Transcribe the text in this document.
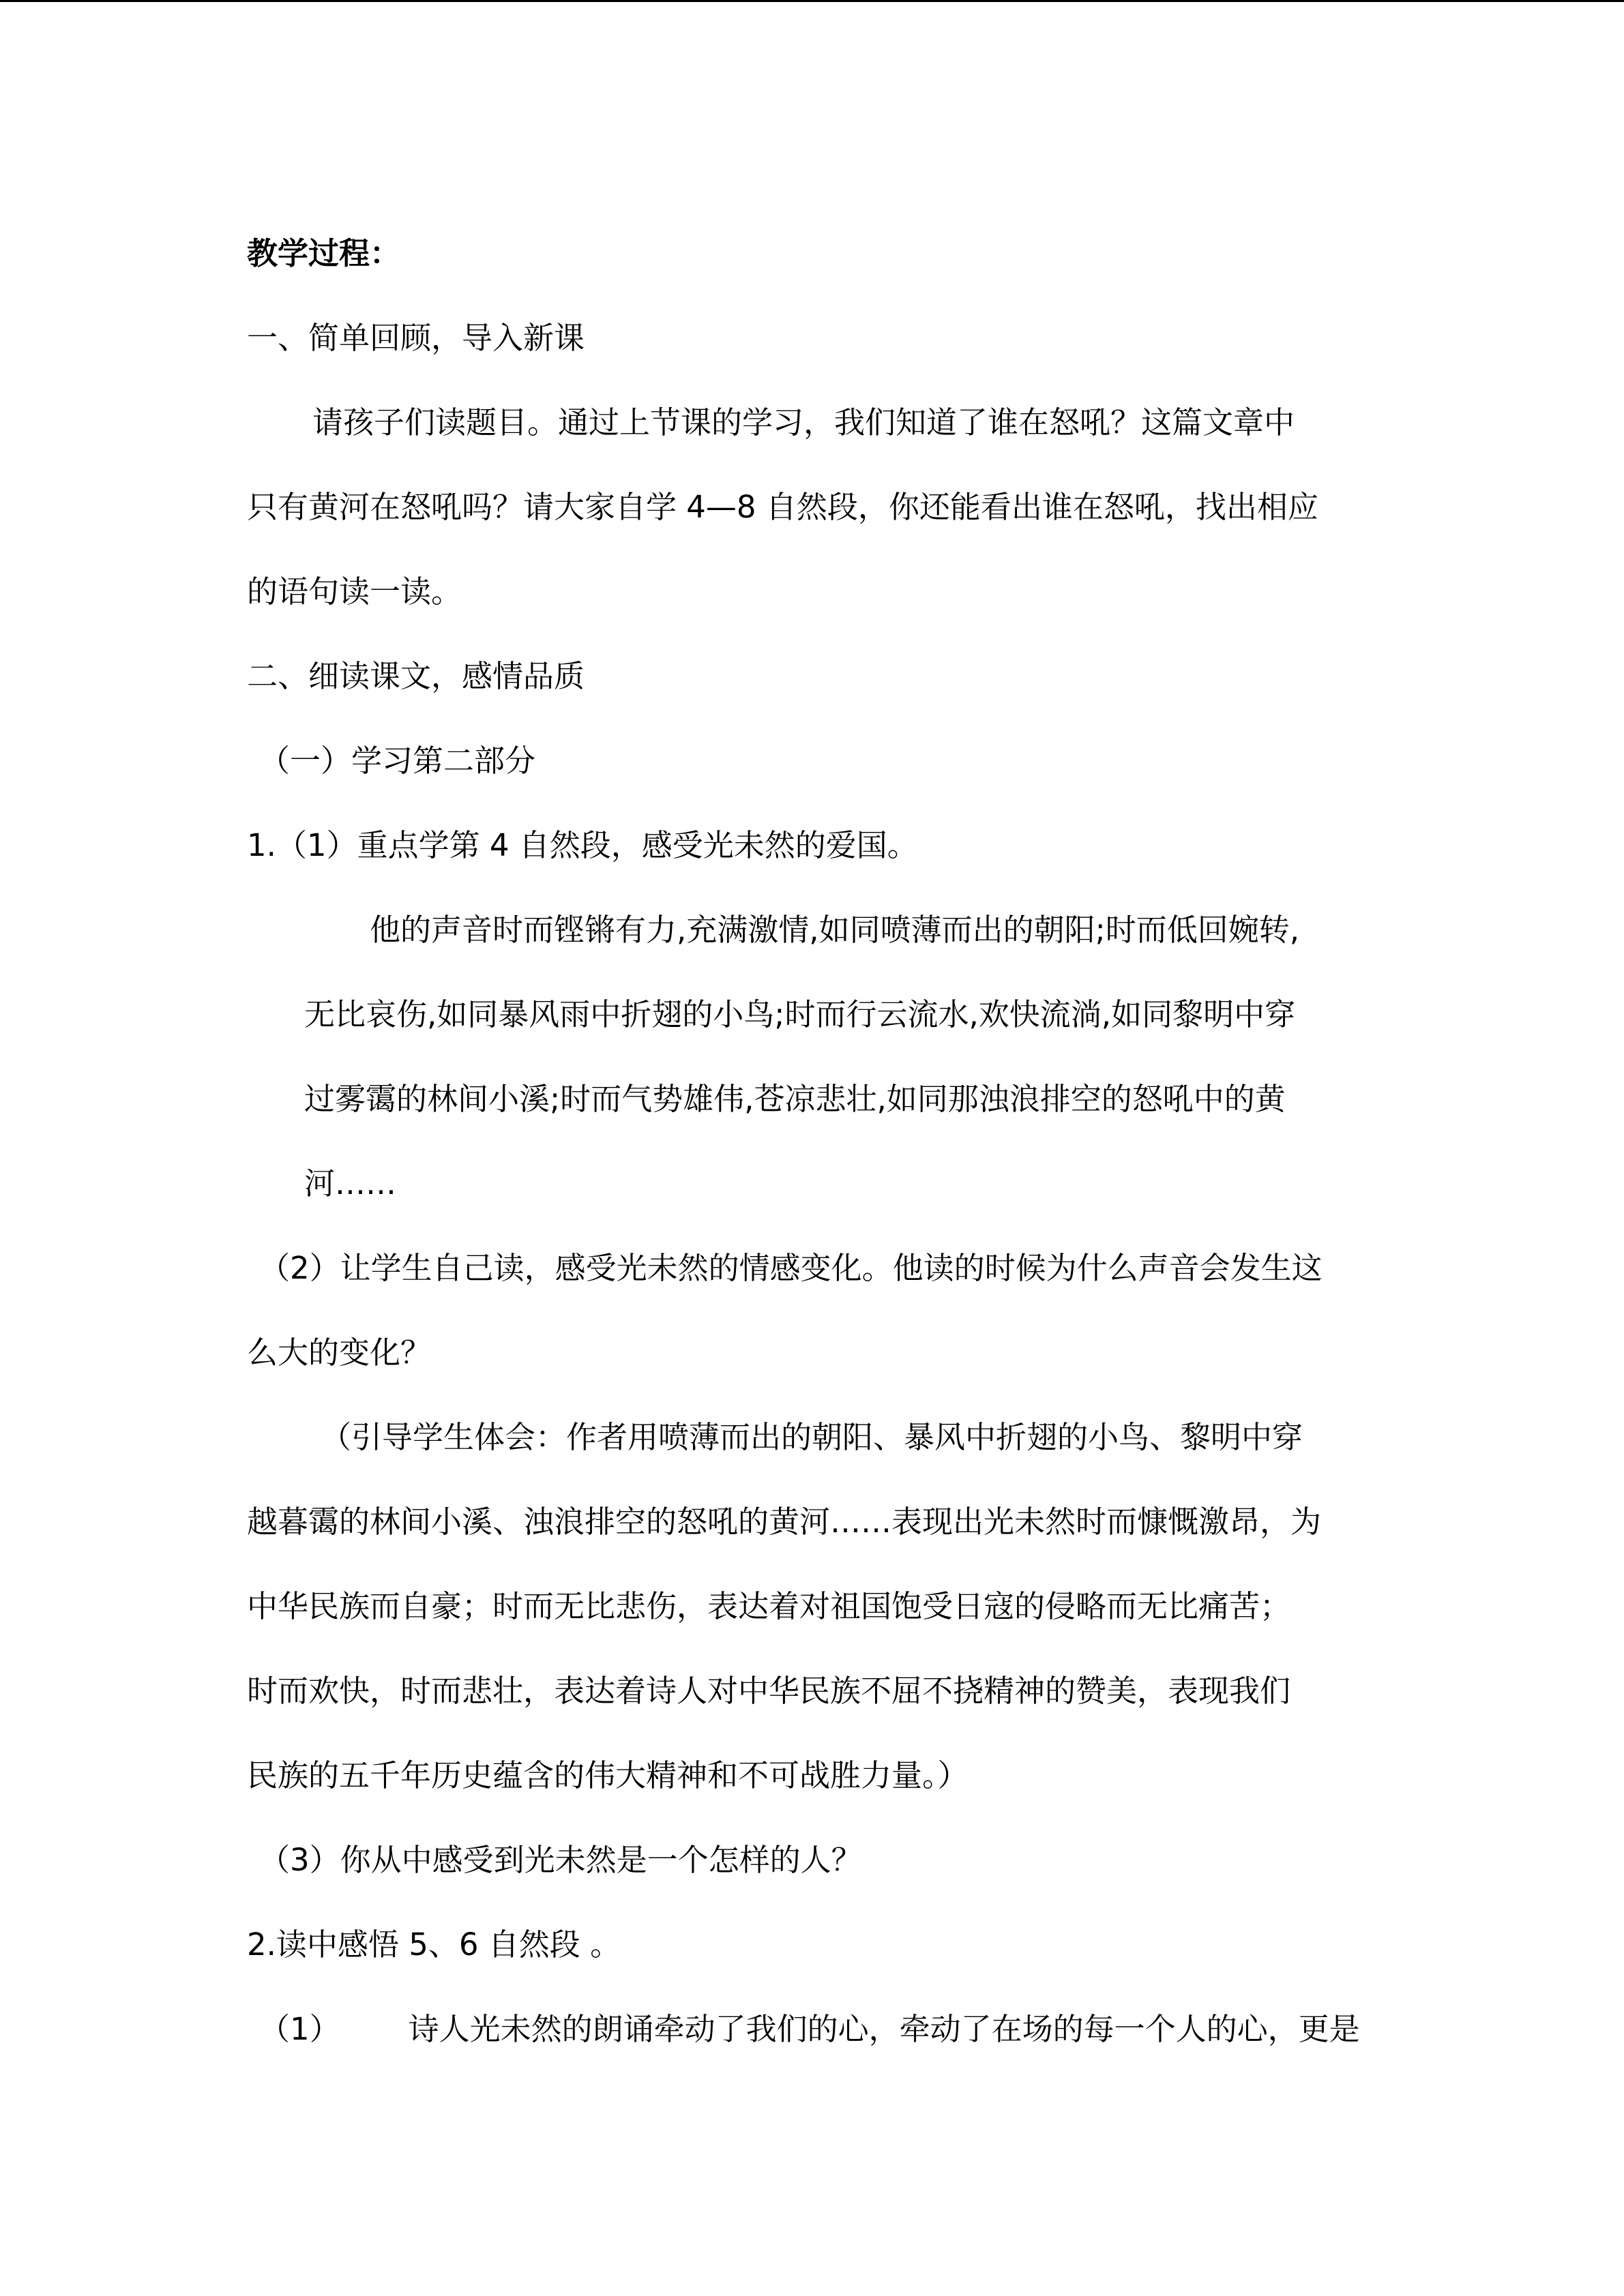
教学过程：
一、简单回顾，导入新课
请孩子们读题目。通过上节课的学习，我们知道了谁在怒吼？这篇文章中
只有黄河在怒吼吗？请大家自学 4—8 自然段，你还能看出谁在怒吼，找出相应
的语句读一读。
二、细读课文，感情品质
（一）学习第二部分
1.（1）重点学第 4 自然段，感受光未然的爱国。
他的声音时而铿锵有力,充满激情,如同喷薄而出的朝阳;时而低回婉转,
无比哀伤,如同暴风雨中折翅的小鸟;时而行云流水,欢快流淌,如同黎明中穿
过雾霭的林间小溪;时而气势雄伟,苍凉悲壮,如同那浊浪排空的怒吼中的黄
河……
（2）让学生自己读，感受光未然的情感变化。他读的时候为什么声音会发生这
么大的变化？
（引导学生体会：作者用喷薄而出的朝阳、暴风中折翅的小鸟、黎明中穿
越暮霭的林间小溪、浊浪排空的怒吼的黄河……表现出光未然时而慷慨激昂，为
中华民族而自豪；时而无比悲伤，表达着对祖国饱受日寇的侵略而无比痛苦；
时而欢快，时而悲壮，表达着诗人对中华民族不屈不挠精神的赞美，表现我们
民族的五千年历史蕴含的伟大精神和不可战胜力量。）
（3）你从中感受到光未然是一个怎样的人？
2.读中感悟 5、6 自然段 。
（1） 诗人光未然的朗诵牵动了我们的心，牵动了在场的每一个人的心，更是
